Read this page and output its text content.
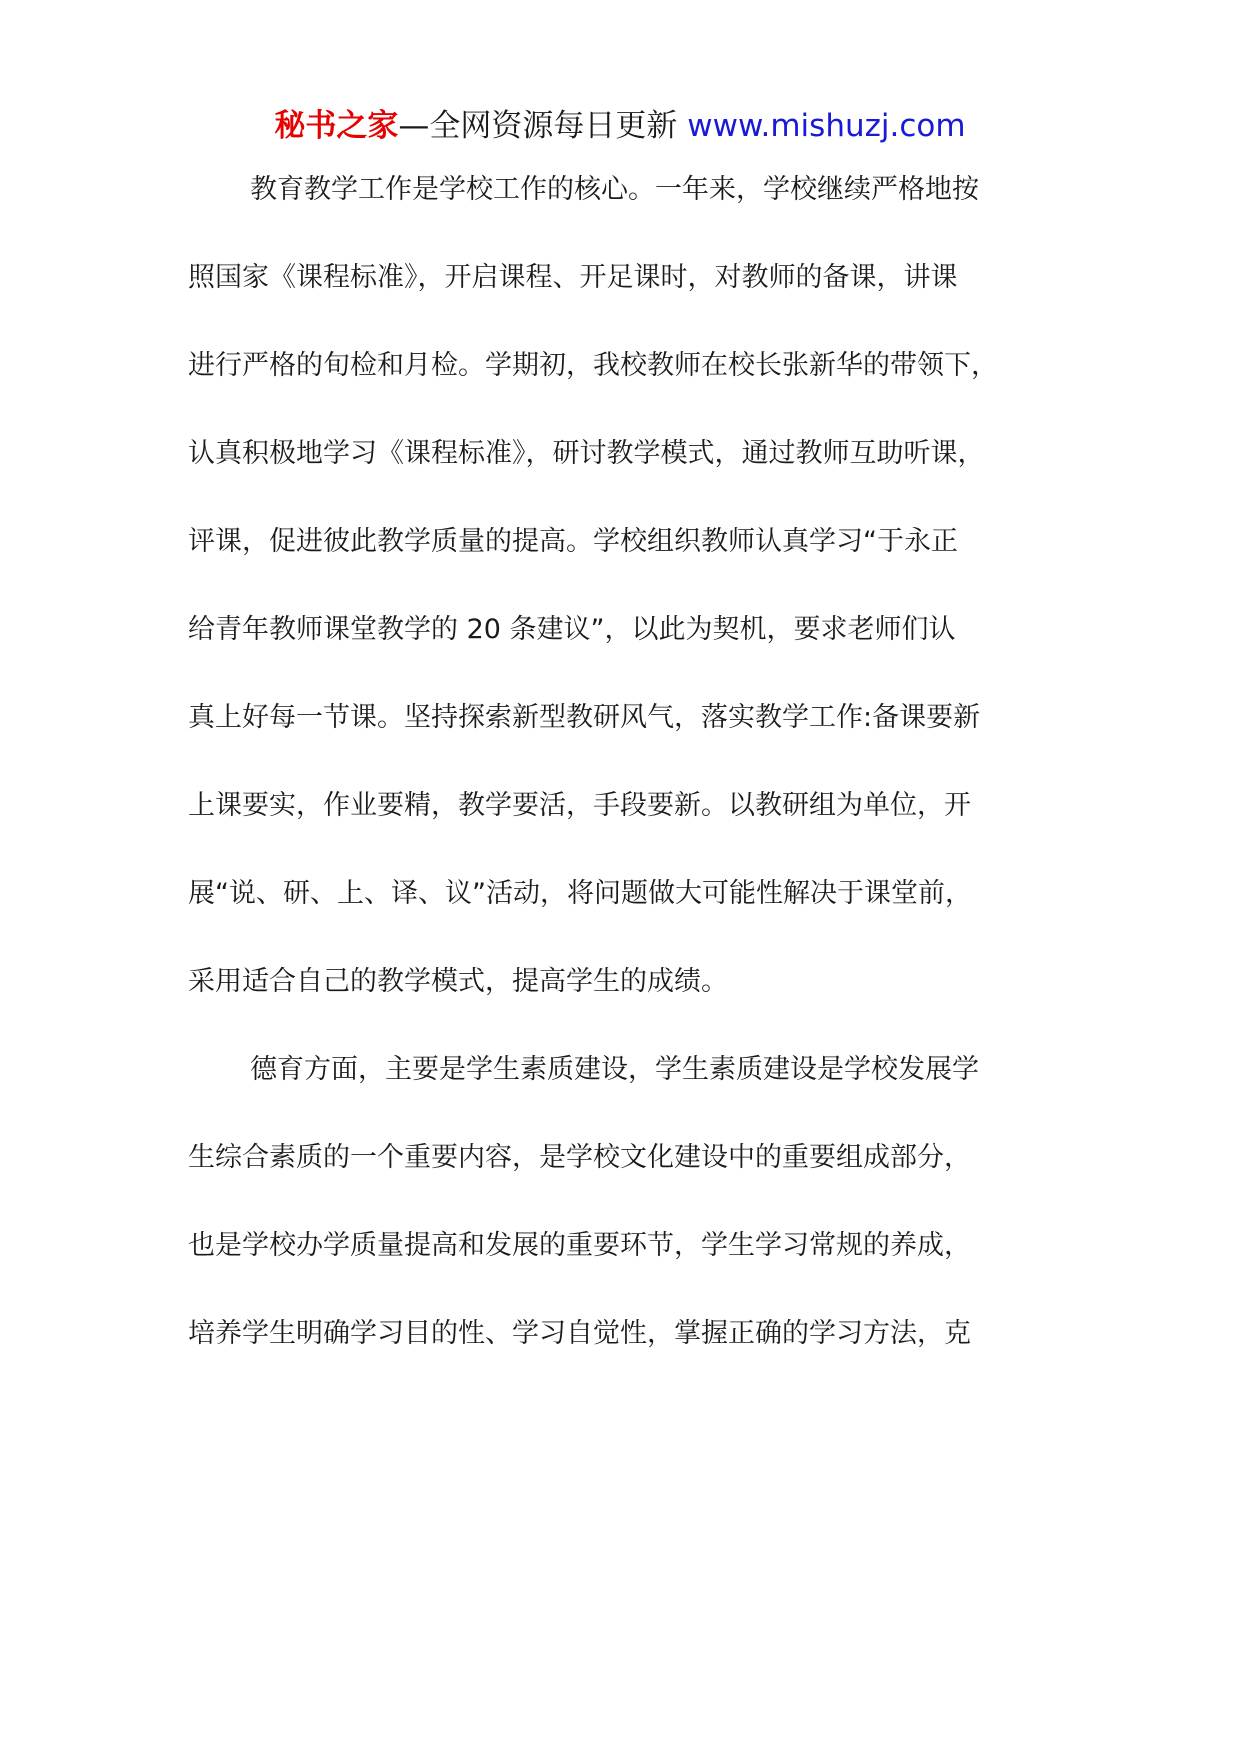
秘书之家—全网资源每日更新 www.mishuzj.com
教育教学工作是学校工作的核心。一年来，学校继续严格地按
照国家《课程标准》，开启课程、开足课时，对教师的备课，讲课
进行严格的旬检和月检。学期初，我校教师在校长张新华的带领下，
认真积极地学习《课程标准》，研讨教学模式，通过教师互助听课，
评课，促进彼此教学质量的提高。学校组织教师认真学习“于永正
给青年教师课堂教学的 20 条建议”，以此为契机，要求老师们认
真上好每一节课。坚持探索新型教研风气，落实教学工作:备课要新
上课要实，作业要精，教学要活，手段要新。以教研组为单位，开
展“说、研、上、译、议”活动，将问题做大可能性解决于课堂前，
采用适合自己的教学模式，提高学生的成绩。
德育方面，主要是学生素质建设，学生素质建设是学校发展学
生综合素质的一个重要内容，是学校文化建设中的重要组成部分，
也是学校办学质量提高和发展的重要环节，学生学习常规的养成，
培养学生明确学习目的性、学习自觉性，掌握正确的学习方法，克
